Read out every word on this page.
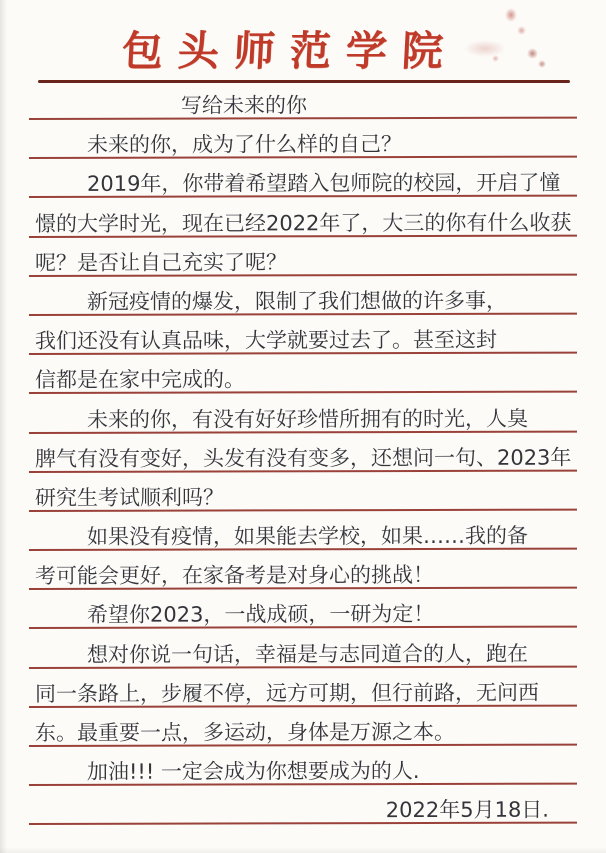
包头师范学院
写给未来的你
未来的你，成为了什么样的自己？
2019年，你带着希望踏入包师院的校园，开启了憧
憬的大学时光，现在已经2022年了，大三的你有什么收获
呢？是否让自己充实了呢？
新冠疫情的爆发，限制了我们想做的许多事，
我们还没有认真品味，大学就要过去了。甚至这封
信都是在家中完成的。
未来的你，有没有好好珍惜所拥有的时光，人臭
脾气有没有变好，头发有没有变多，还想问一句、2023年
研究生考试顺利吗？
如果没有疫情，如果能去学校，如果……我的备
考可能会更好，在家备考是对身心的挑战！
希望你2023，一战成硕，一研为定！
想对你说一句话，幸福是与志同道合的人，跑在
同一条路上，步履不停，远方可期，但行前路，无问西
东。最重要一点，多运动，身体是万源之本。
加油!!! 一定会成为你想要成为的人.
2022年5月18日.
